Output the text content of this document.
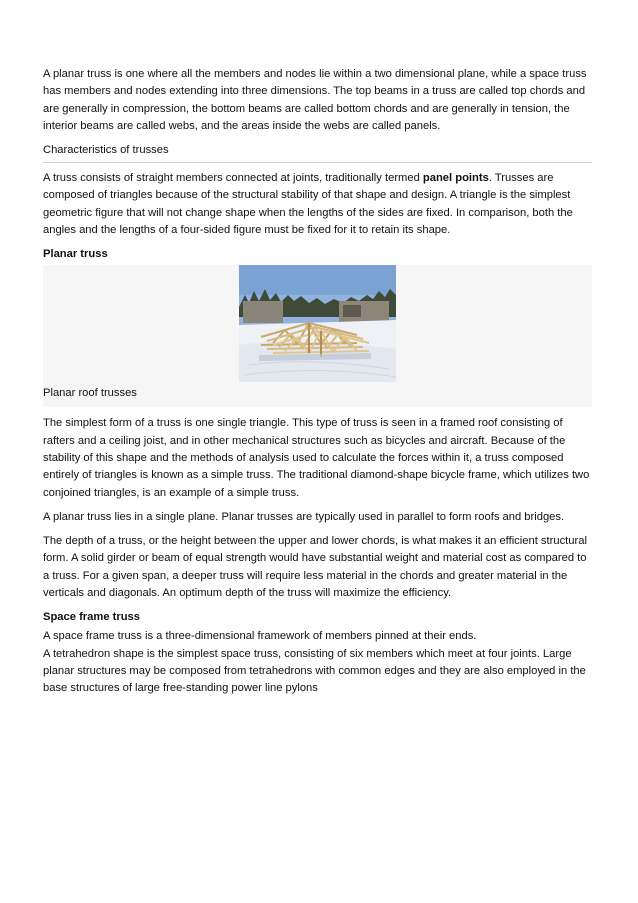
A planar truss is one where all the members and nodes lie within a two dimensional plane, while a space truss has members and nodes extending into three dimensions. The top beams in a truss are called top chords and are generally in compression, the bottom beams are called bottom chords and are generally in tension, the interior beams are called webs, and the areas inside the webs are called panels.

Characteristics of trusses

A truss consists of straight members connected at joints, traditionally termed panel points. Trusses are composed of triangles because of the structural stability of that shape and design. A triangle is the simplest geometric figure that will not change shape when the lengths of the sides are fixed. In comparison, both the angles and the lengths of a four-sided figure must be fixed for it to retain its shape.

Planar truss
Planar roof trusses

The simplest form of a truss is one single triangle. This type of truss is seen in a framed roof consisting of rafters and a ceiling joist, and in other mechanical structures such as bicycles and aircraft. Because of the stability of this shape and the methods of analysis used to calculate the forces within it, a truss composed entirely of triangles is known as a simple truss. The traditional diamond-shape bicycle frame, which utilizes two conjoined triangles, is an example of a simple truss.

A planar truss lies in a single plane. Planar trusses are typically used in parallel to form roofs and bridges.

The depth of a truss, or the height between the upper and lower chords, is what makes it an efficient structural form. A solid girder or beam of equal strength would have substantial weight and material cost as compared to a truss. For a given span, a deeper truss will require less material in the chords and greater material in the verticals and diagonals. An optimum depth of the truss will maximize the efficiency.

Space frame truss

A space frame truss is a three-dimensional framework of members pinned at their ends.

A tetrahedron shape is the simplest space truss, consisting of six members which meet at four joints. Large planar structures may be composed from tetrahedrons with common edges and they are also employed in the base structures of large free-standing power line pylons
